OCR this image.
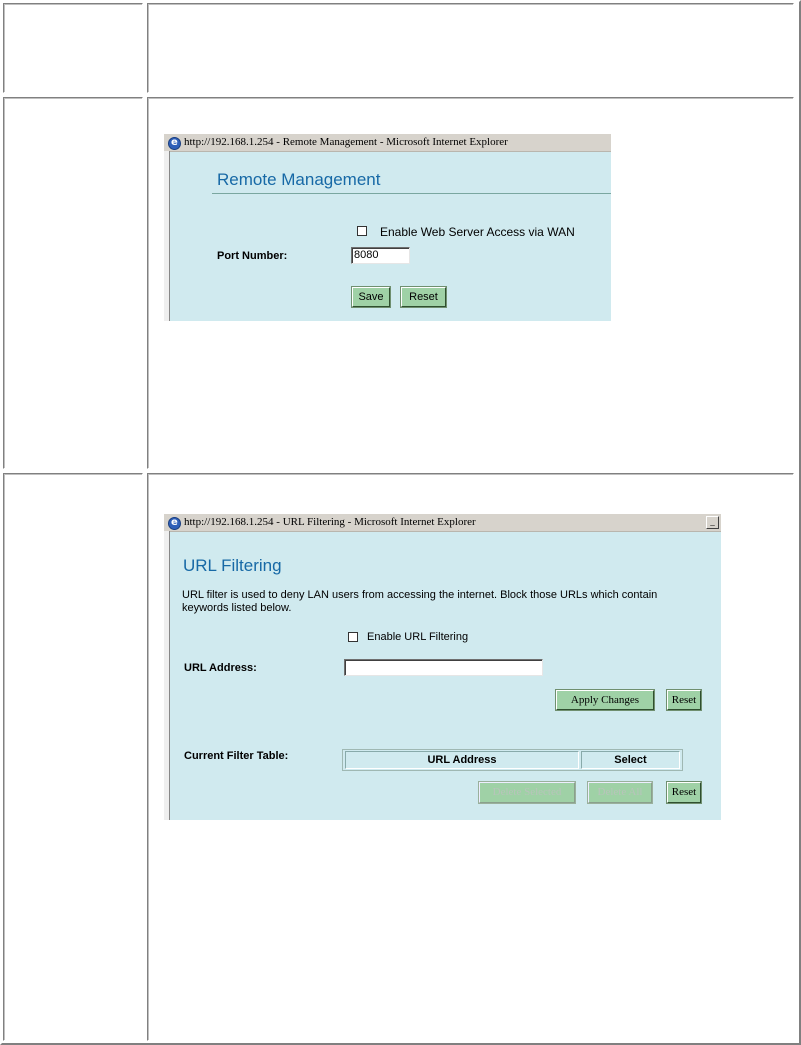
e
http://192.168.1.254 - Remote Management - Microsoft Internet Explorer
Remote Management
Enable Web Server Access via WAN
Port Number:
8080
Save	Reset
e
http://192.168.1.254 - URL Filtering - Microsoft Internet Explorer	_
URL Filtering
URL filter is used to deny LAN users from accessing the internet. Block those URLs which contain
keywords listed below.
Enable URL Filtering
URL Address:
Apply Changes	Reset
Current Filter Table:	URL Address	Select
Delete Selected	Delete All	Reset
